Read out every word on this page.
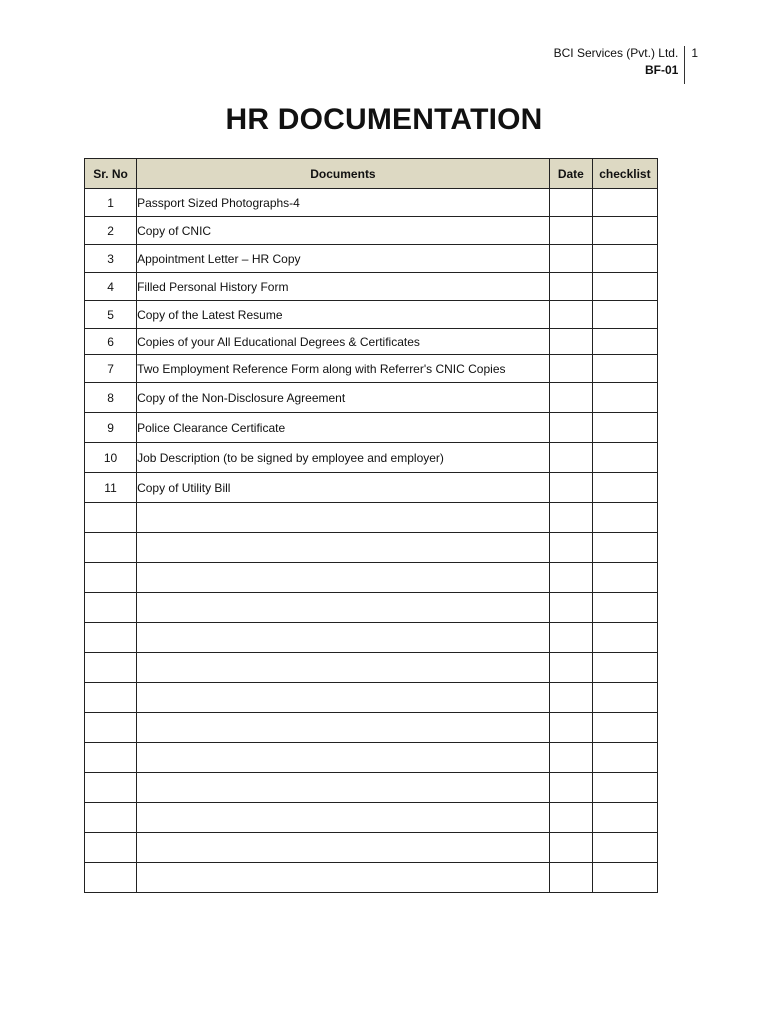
BCI Services (Pvt.) Ltd.
BF-01
1
HR DOCUMENTATION
Sr. No	Documents	Date	checklist
1	Passport Sized Photographs-4		
2	Copy of CNIC		
3	Appointment Letter – HR Copy		
4	Filled Personal History Form		
5	Copy of the Latest Resume		
6	Copies of your All Educational Degrees & Certificates		
7	Two Employment Reference Form along with Referrer's CNIC Copies		
8	Copy of the Non-Disclosure Agreement		
9	Police Clearance Certificate		
10	Job Description (to be signed by employee and employer)		
11	Copy of Utility Bill		
